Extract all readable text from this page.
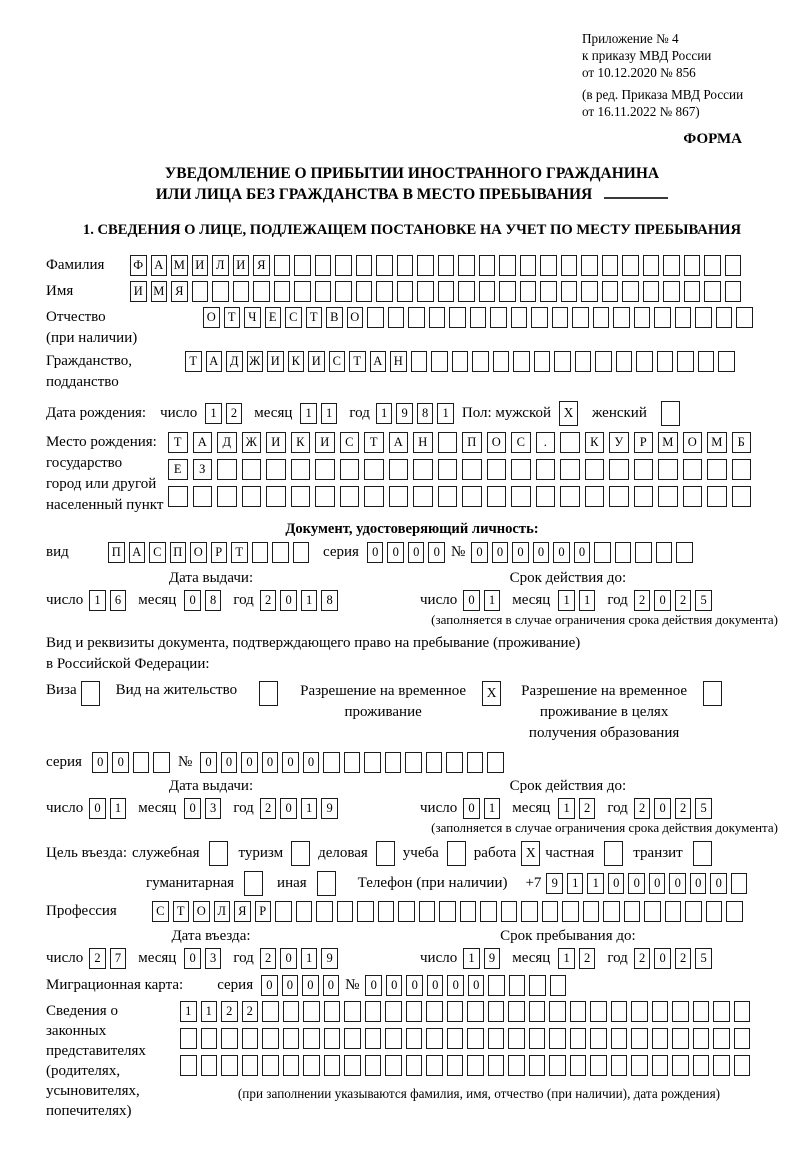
Приложение № 4
к приказу МВД России
от 10.12.2020 № 856
(в ред. Приказа МВД России
от 16.11.2022 № 867)
ФОРМА
УВЕДОМЛЕНИЕ О ПРИБЫТИИ ИНОСТРАННОГО ГРАЖДАНИНА
ИЛИ ЛИЦА БЕЗ ГРАЖДАНСТВА В МЕСТО ПРЕБЫВАНИЯ
1. СВЕДЕНИЯ О ЛИЦЕ, ПОДЛЕЖАЩЕМ ПОСТАНОВКЕ НА УЧЕТ ПО МЕСТУ ПРЕБЫВАНИЯ
Фамилия	Ф А М И Л И Я
Имя	И М Я
Отчество
(при наличии)
О Т	Ч	Е	С	Т	В О
Гражданство,
подданство
Т А Д Ж И К И С	Т А Н
Дата рождения: число	1	2	месяц	1	1	год 1	9	8	1 Пол: мужской X	женский
Место рождения:
государство
город или другой
населенный пункт
Т	А	Д	Ж	И	К	И	С	Т	А	Н	П	О	С	.	К	У	Р	М	О	М	Б

Е	З

Документ, удостоверяющий личность:
вид	П А С П О	Р	Т	серия	0	0	0	0 № 0	0	0	0	0	0
Дата выдачи:
число 1	6	месяц	0	8	год 2	0	1	8
Срок действия до:
число 0	1	месяц	1	1	год 2	0	2	5
(заполняется в случае ограничения срока действия документа)
Вид и реквизиты документа, подтверждающего право на пребывание (проживание)
в Российской Федерации:
Виза	Вид на жительство	Разрешение на временное
проживание
X	Разрешение на временное
проживание в целях
получения образования
серия	0	0	№	0	0	0	0	0	0
Дата выдачи:
число 0	1	месяц	0	3	год 2	0	1	9
Срок действия до:
число 0	1	месяц	1	2	год 2	0	2	5
(заполняется в случае ограничения срока действия документа)
Цель въезда: служебная	туризм деловая учеба работа X частная	транзит
гуманитарная	иная	Телефон (при наличии) +7 9	1	1	0	0	0	0	0	0
Профессия	С	Т О Л Я	Р
Дата въезда:
число 2	7	месяц	0	3	год 2	0	1	9
Срок пребывания до:
число 1	9	месяц	1	2	год 2	0	2	5
Миграционная карта: серия	0	0	0	0 № 0	0	0	0	0	0
Сведения о
законных
представителях
(родителях,
усыновителях,
попечителях)
1	1	2	2

(при заполнении указываются фамилия, имя, отчество (при наличии), дата рождения)
